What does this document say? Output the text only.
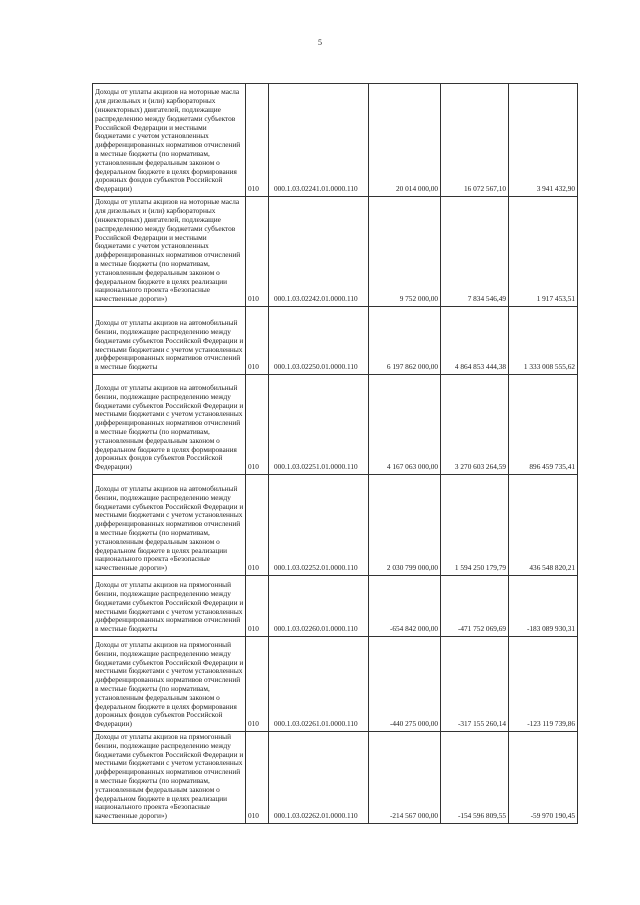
5
Доходы от уплаты акцизов на моторные масла для дизельных и (или) карбюраторных (инжекторных) двигателей, подлежащие распределению между бюджетами субъектов Российской Федерации и местными бюджетами с учетом установленных дифференцированных нормативов отчислений в местные бюджеты (по нормативам, установленным федеральным законом о федеральном бюджете в целях формирования дорожных фондов субъектов Российской Федерации)	010	000.1.03.02241.01.0000.110	20 014 000,00	16 072 567,10	3 941 432,90
Доходы от уплаты акцизов на моторные масла для дизельных и (или) карбюраторных (инжекторных) двигателей, подлежащие распределению между бюджетами субъектов Российской Федерации и местными бюджетами с учетом установленных дифференцированных нормативов отчислений в местные бюджеты (по нормативам, установленным федеральным законом о федеральном бюджете в целях реализации национального проекта «Безопасные качественные дороги»)	010	000.1.03.02242.01.0000.110	9 752 000,00	7 834 546,49	1 917 453,51
Доходы от уплаты акцизов на автомобильный бензин, подлежащие распределению между бюджетами субъектов Российской Федерации и местными бюджетами с учетом установленных дифференцированных нормативов отчислений в местные бюджеты	010	000.1.03.02250.01.0000.110	6 197 862 000,00	4 864 853 444,38	1 333 008 555,62
Доходы от уплаты акцизов на автомобильный бензин, подлежащие распределению между бюджетами субъектов Российской Федерации и местными бюджетами с учетом установленных дифференцированных нормативов отчислений в местные бюджеты (по нормативам, установленным федеральным законом о федеральном бюджете в целях формирования дорожных фондов субъектов Российской Федерации)	010	000.1.03.02251.01.0000.110	4 167 063 000,00	3 270 603 264,59	896 459 735,41
Доходы от уплаты акцизов на автомобильный бензин, подлежащие распределению между бюджетами субъектов Российской Федерации и местными бюджетами с учетом установленных дифференцированных нормативов отчислений в местные бюджеты (по нормативам, установленным федеральным законом о федеральном бюджете в целях реализации национального проекта «Безопасные качественные дороги»)	010	000.1.03.02252.01.0000.110	2 030 799 000,00	1 594 250 179,79	436 548 820,21
Доходы от уплаты акцизов на прямогонный бензин, подлежащие распределению между бюджетами субъектов Российской Федерации и местными бюджетами с учетом установленных дифференцированных нормативов отчислений в местные бюджеты	010	000.1.03.02260.01.0000.110	-654 842 000,00	-471 752 069,69	-183 089 930,31
Доходы от уплаты акцизов на прямогонный бензин, подлежащие распределению между бюджетами субъектов Российской Федерации и местными бюджетами с учетом установленных дифференцированных нормативов отчислений в местные бюджеты (по нормативам, установленным федеральным законом о федеральном бюджете в целях формирования дорожных фондов субъектов Российской Федерации)	010	000.1.03.02261.01.0000.110	-440 275 000,00	-317 155 260,14	-123 119 739,86
Доходы от уплаты акцизов на прямогонный бензин, подлежащие распределению между бюджетами субъектов Российской Федерации и местными бюджетами с учетом установленных дифференцированных нормативов отчислений в местные бюджеты (по нормативам, установленным федеральным законом о федеральном бюджете в целях реализации национального проекта «Безопасные качественные дороги»)	010	000.1.03.02262.01.0000.110	-214 567 000,00	-154 596 809,55	-59 970 190,45
